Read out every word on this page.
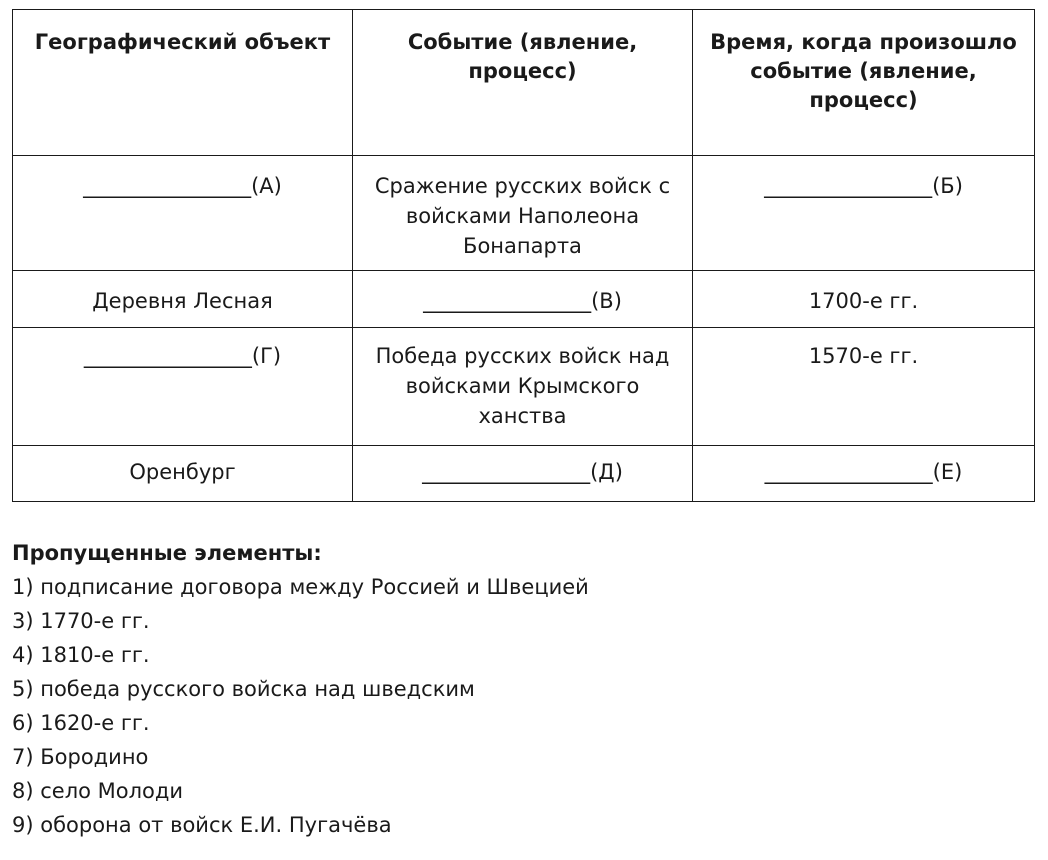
Географический объект	Событие (явление, процесс)	Время, когда произошло событие (явление, процесс)
________________(А)	Сражение русских войск с войсками Наполеона Бонапарта	________________(Б)
Деревня Лесная	________________(В)	1700-е гг.
________________(Г)	Победа русских войск над войсками Крымского ханства	1570-е гг.
Оренбург	________________(Д)	________________(Е)
Пропущенные элементы:
1) подписание договора между Россией и Швецией
3) 1770-е гг.
4) 1810-е гг.
5) победа русского войска над шведским
6) 1620-е гг.
7) Бородино
8) село Молоди
9) оборона от войск Е.И. Пугачёва
